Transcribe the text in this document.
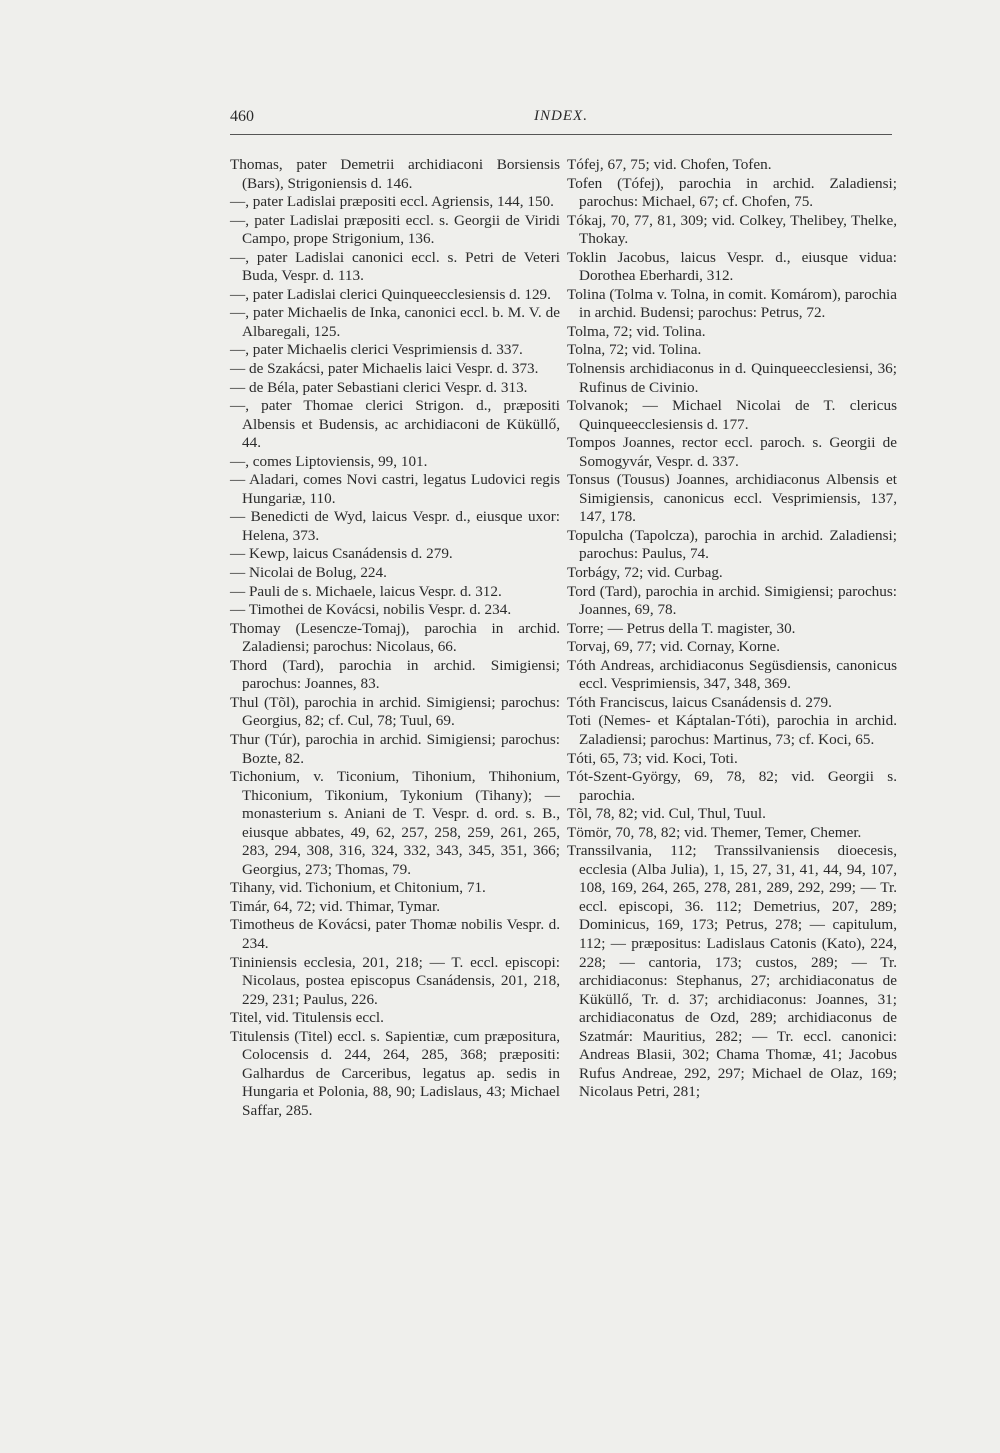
460	INDEX.

Thomas, pater Demetrii archidiaconi Borsiensis (Bars), Strigoniensis d. 146.

—, pater Ladislai præpositi eccl. Agriensis, 144, 150.

—, pater Ladislai præpositi eccl. s. Georgii de Viridi Campo, prope Strigonium, 136.

—, pater Ladislai canonici eccl. s. Petri de Veteri Buda, Vespr. d. 113.

—, pater Ladislai clerici Quinqueecclesiensis d. 129.

—, pater Michaelis de Inka, canonici eccl. b. M. V. de Albaregali, 125.

—, pater Michaelis clerici Vesprimiensis d. 337.

— de Szakácsi, pater Michaelis laici Vespr. d. 373.

— de Béla, pater Sebastiani clerici Vespr. d. 313.

—, pater Thomae clerici Strigon. d., præpositi Albensis et Budensis, ac archidiaconi de Küküllő, 44.

—, comes Liptoviensis, 99, 101.

— Aladari, comes Novi castri, legatus Ludovici regis Hungariæ, 110.

— Benedicti de Wyd, laicus Vespr. d., eiusque uxor: Helena, 373.

— Kewp, laicus Csanádensis d. 279.

— Nicolai de Bolug, 224.

— Pauli de s. Michaele, laicus Vespr. d. 312.

— Timothei de Kovácsi, nobilis Vespr. d. 234.

Thomay (Lesencze-Tomaj), parochia in archid. Zaladiensi; parochus: Nicolaus, 66.

Thord (Tard), parochia in archid. Simigiensi; parochus: Joannes, 83.

Thul (Tõl), parochia in archid. Simigiensi; parochus: Georgius, 82; cf. Cul, 78; Tuul, 69.

Thur (Túr), parochia in archid. Simigiensi; parochus: Bozte, 82.

Tichonium, v. Ticonium, Tihonium, Thihonium, Thiconium, Tikonium, Tykonium (Tihany); — monasterium s. Aniani de T. Vespr. d. ord. s. B., eiusque abbates, 49, 62, 257, 258, 259, 261, 265, 283, 294, 308, 316, 324, 332, 343, 345, 351, 366; Georgius, 273; Thomas, 79.

Tihany, vid. Tichonium, et Chitonium, 71.

Timár, 64, 72; vid. Thimar, Tymar.

Timotheus de Kovácsi, pater Thomæ nobilis Vespr. d. 234.

Tininiensis ecclesia, 201, 218; — T. eccl. episcopi: Nicolaus, postea episcopus Csanádensis, 201, 218, 229, 231; Paulus, 226.

Titel, vid. Titulensis eccl.

Titulensis (Titel) eccl. s. Sapientiæ, cum præpositura, Colocensis d. 244, 264, 285, 368; præpositi: Galhardus de Carceribus, legatus ap. sedis in Hungaria et Polonia, 88, 90; Ladislaus, 43; Michael Saffar, 285.

Tófej, 67, 75; vid. Chofen, Tofen.

Tofen (Tófej), parochia in archid. Zaladiensi; parochus: Michael, 67; cf. Chofen, 75.

Tókaj, 70, 77, 81, 309; vid. Colkey, Thelibey, Thelke, Thokay.

Toklin Jacobus, laicus Vespr. d., eiusque vidua: Dorothea Eberhardi, 312.

Tolina (Tolma v. Tolna, in comit. Komárom), parochia in archid. Budensi; parochus: Petrus, 72.

Tolma, 72; vid. Tolina.

Tolna, 72; vid. Tolina.

Tolnensis archidiaconus in d. Quinqueecclesiensi, 36; Rufinus de Civinio.

Tolvanok; — Michael Nicolai de T. clericus Quinqueecclesiensis d. 177.

Tompos Joannes, rector eccl. paroch. s. Georgii de Somogyvár, Vespr. d. 337.

Tonsus (Tousus) Joannes, archidiaconus Albensis et Simigiensis, canonicus eccl. Vesprimiensis, 137, 147, 178.

Topulcha (Tapolcza), parochia in archid. Zaladiensi; parochus: Paulus, 74.

Torbágy, 72; vid. Curbag.

Tord (Tard), parochia in archid. Simigiensi; parochus: Joannes, 69, 78.

Torre; — Petrus della T. magister, 30.

Torvaj, 69, 77; vid. Cornay, Korne.

Tóth Andreas, archidiaconus Següsdiensis, canonicus eccl. Vesprimiensis, 347, 348, 369.

Tóth Franciscus, laicus Csanádensis d. 279.

Toti (Nemes- et Káptalan-Tóti), parochia in archid. Zaladiensi; parochus: Martinus, 73; cf. Koci, 65.

Tóti, 65, 73; vid. Koci, Toti.

Tót-Szent-György, 69, 78, 82; vid. Georgii s. parochia.

Tõl, 78, 82; vid. Cul, Thul, Tuul.

Tömör, 70, 78, 82; vid. Themer, Temer, Chemer.

Transsilvania, 112; Transsilvaniensis dioecesis, ecclesia (Alba Julia), 1, 15, 27, 31, 41, 44, 94, 107, 108, 169, 264, 265, 278, 281, 289, 292, 299; — Tr. eccl. episcopi, 36. 112; Demetrius, 207, 289; Dominicus, 169, 173; Petrus, 278; — capitulum, 112; — præpositus: Ladislaus Catonis (Kato), 224, 228; — cantoria, 173; custos, 289; — Tr. archidiaconus: Stephanus, 27; archidiaconatus de Küküllő, Tr. d. 37; archidiaconus: Joannes, 31; archidiaconatus de Ozd, 289; archidiaconus de Szatmár: Mauritius, 282; — Tr. eccl. canonici: Andreas Blasii, 302; Chama Thomæ, 41; Jacobus Rufus Andreae, 292, 297; Michael de Olaz, 169; Nicolaus Petri, 281;
